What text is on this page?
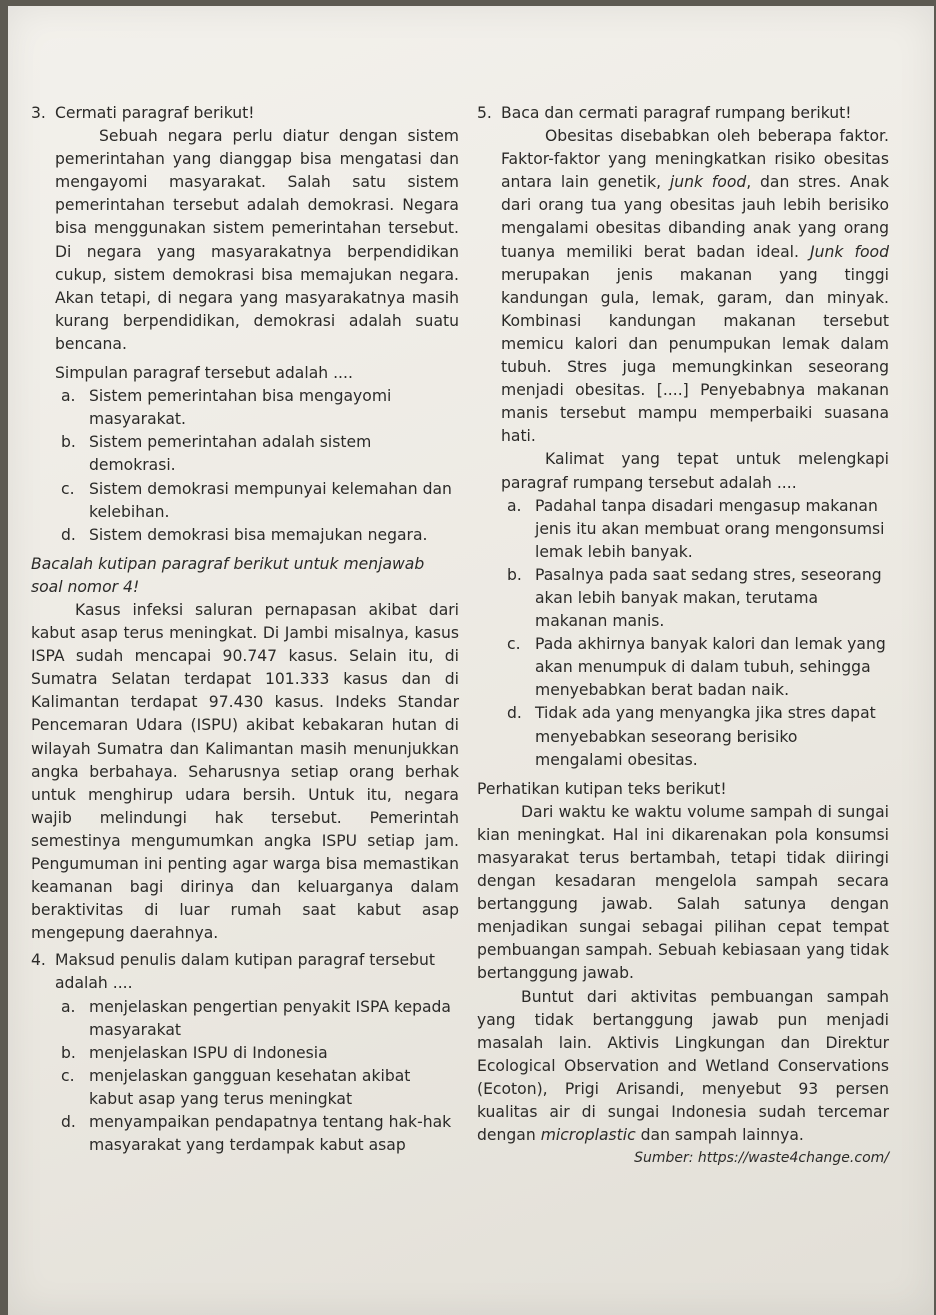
3. Cermati paragraf berikut!

Sebuah negara perlu diatur dengan sistem pemerintahan yang dianggap bisa mengatasi dan mengayomi masyarakat. Salah satu sistem pemerintahan tersebut adalah demokrasi. Negara bisa menggunakan sistem pemerintahan tersebut. Di negara yang masyarakatnya berpendidikan cukup, sistem demokrasi bisa memajukan negara. Akan tetapi, di negara yang masyarakatnya masih kurang berpendidikan, demokrasi adalah suatu bencana.

Simpulan paragraf tersebut adalah ....

a. Sistem pemerintahan bisa mengayomi masyarakat.
b. Sistem pemerintahan adalah sistem demokrasi.
c. Sistem demokrasi mempunyai kelemahan dan kelebihan.
d. Sistem demokrasi bisa memajukan negara.

Bacalah kutipan paragraf berikut untuk menjawab soal nomor 4!

Kasus infeksi saluran pernapasan akibat dari kabut asap terus meningkat. Di Jambi misalnya, kasus ISPA sudah mencapai 90.747 kasus. Selain itu, di Sumatra Selatan terdapat 101.333 kasus dan di Kalimantan terdapat 97.430 kasus. Indeks Standar Pencemaran Udara (ISPU) akibat kebakaran hutan di wilayah Sumatra dan Kalimantan masih menunjukkan angka berbahaya. Seharusnya setiap orang berhak untuk menghirup udara bersih. Untuk itu, negara wajib melindungi hak tersebut. Pemerintah semestinya mengumumkan angka ISPU setiap jam. Pengumuman ini penting agar warga bisa memastikan keamanan bagi dirinya dan keluarganya dalam beraktivitas di luar rumah saat kabut asap mengepung daerahnya.

4. Maksud penulis dalam kutipan paragraf tersebut adalah ....

a. menjelaskan pengertian penyakit ISPA kepada masyarakat
b. menjelaskan ISPU di Indonesia
c. menjelaskan gangguan kesehatan akibat kabut asap yang terus meningkat
d. menyampaikan pendapatnya tentang hak-hak masyarakat yang terdampak kabut asap
5. Baca dan cermati paragraf rumpang berikut!

Obesitas disebabkan oleh beberapa faktor. Faktor-faktor yang meningkatkan risiko obesitas antara lain genetik, junk food, dan stres. Anak dari orang tua yang obesitas jauh lebih berisiko mengalami obesitas dibanding anak yang orang tuanya memiliki berat badan ideal. Junk food merupakan jenis makanan yang tinggi kandungan gula, lemak, garam, dan minyak. Kombinasi kandungan makanan tersebut memicu kalori dan penumpukan lemak dalam tubuh. Stres juga memungkinkan seseorang menjadi obesitas. [....] Penyebabnya makanan manis tersebut mampu memperbaiki suasana hati.

Kalimat yang tepat untuk melengkapi paragraf rumpang tersebut adalah ....

a. Padahal tanpa disadari mengasup makanan jenis itu akan membuat orang mengonsumsi lemak lebih banyak.
b. Pasalnya pada saat sedang stres, seseorang akan lebih banyak makan, terutama makanan manis.
c. Pada akhirnya banyak kalori dan lemak yang akan menumpuk di dalam tubuh, sehingga menyebabkan berat badan naik.
d. Tidak ada yang menyangka jika stres dapat menyebabkan seseorang berisiko mengalami obesitas.

Perhatikan kutipan teks berikut!

Dari waktu ke waktu volume sampah di sungai kian meningkat. Hal ini dikarenakan pola konsumsi masyarakat terus bertambah, tetapi tidak diiringi dengan kesadaran mengelola sampah secara bertanggung jawab. Salah satunya dengan menjadikan sungai sebagai pilihan cepat tempat pembuangan sampah. Sebuah kebiasaan yang tidak bertanggung jawab.

Buntut dari aktivitas pembuangan sampah yang tidak bertanggung jawab pun menjadi masalah lain. Aktivis Lingkungan dan Direktur Ecological Observation and Wetland Conservations (Ecoton), Prigi Arisandi, menyebut 93 persen kualitas air di sungai Indonesia sudah tercemar dengan microplastic dan sampah lainnya.

Sumber: https://waste4change.com/
